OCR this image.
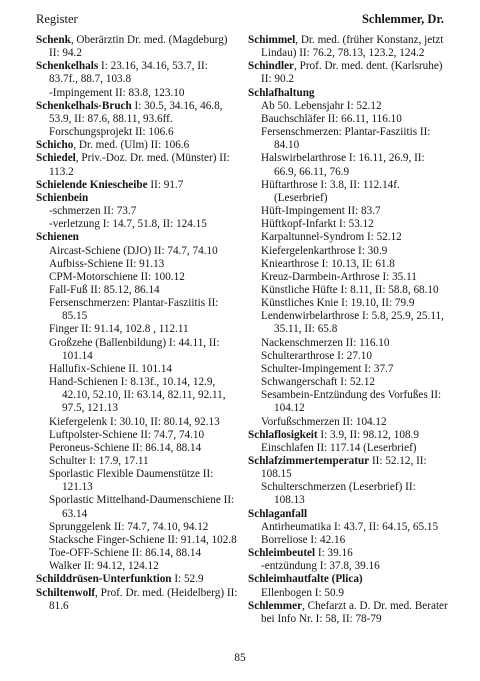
Register	Schlemmer, Dr.
Schenk, Oberärztin Dr. med. (Magdeburg) II: 94.2
Schenkelhals I: 23.16, 34.16, 53.7, II: 83.7f., 88.7, 103.8
-Impingement II: 83.8, 123.10
Schenkelhals-Bruch I: 30.5, 34.16, 46.8, 53.9, II: 87.6, 88.11, 93.6ff.
Forschungsprojekt II: 106.6
Schicho, Dr. med. (Ulm) II: 106.6
Schiedel, Priv.-Doz. Dr. med. (Münster) II: 113.2
Schielende Kniescheibe II: 91.7
Schienbein
-schmerzen II: 73.7
-verletzung I: 14.7, 51.8, II: 124.15
Schienen
Aircast-Schiene (DJO) II: 74.7, 74.10
Aufbiss-Schiene II: 91.13
CPM-Motorschiene II: 100.12
Fall-Fuß II: 85.12, 86.14
Fersenschmerzen: Plantar-Fasziitis II: 85.15
Finger II: 91.14, 102.8 , 112.11
Großzehe (Ballenbildung) I: 44.11, II: 101.14
Hallufix-Schiene II. 101.14
Hand-Schienen I: 8.13f., 10.14, 12.9, 42.10, 52.10, II: 63.14, 82.11, 92.11, 97.5, 121.13
Kiefergelenk I: 30.10, II: 80.14, 92.13
Luftpolster-Schiene II: 74.7, 74.10
Peroneus-Schiene II: 86.14, 88.14
Schulter I: 17.9, 17.11
Sporlastic Flexible Daumenstütze II: 121.13
Sporlastic Mittelhand-Daumenschiene II: 63.14
Sprunggelenk II: 74.7, 74.10, 94.12
Stacksche Finger-Schiene II: 91.14, 102.8
Toe-OFF-Schiene II: 86.14, 88.14
Walker II: 94.12, 124.12
Schilddrüsen-Unterfunktion I: 52.9
Schiltenwolf, Prof. Dr. med. (Heidelberg) II: 81.6
Schimmel, Dr. med. (früher Konstanz, jetzt Lindau) II: 76.2, 78.13, 123.2, 124.2
Schindler, Prof. Dr. med. dent. (Karlsruhe) II: 90.2
Schlafhaltung
Ab 50. Lebensjahr I: 52.12
Bauchschläfer II: 66.11, 116.10
Fersenschmerzen: Plantar-Fasziitis II: 84.10
Halswirbelarthrose I: 16.11, 26.9, II: 66.9, 66.11, 76.9
Hüftarthrose I: 3.8, II: 112.14f. (Leserbrief)
Hüft-Impingement II: 83.7
Hüftkopf-Infarkt I: 53.12
Karpaltunnel-Syndrom I: 52.12
Kiefergelenkarthrose I: 30.9
Kniearthrose I: 10.13, II: 61.8
Kreuz-Darmbein-Arthrose I: 35.11
Künstliche Hüfte I: 8.11, II: 58.8, 68.10
Künstliches Knie I: 19.10, II: 79.9
Lendenwirbelarthrose I: 5.8, 25.9, 25.11, 35.11, II: 65.8
Nackenschmerzen II: 116.10
Schulterarthrose I: 27.10
Schulter-Impingement I: 37.7
Schwangerschaft I: 52.12
Sesambein-Entzündung des Vorfußes II: 104.12
Vorfußschmerzen II: 104.12
Schlaflosigkeit I: 3.9, II: 98.12, 108.9
Einschlafen II: 117.14 (Leserbrief)
Schlafzimmertemperatur II: 52.12, II: 108.15
Schulterschmerzen (Leserbrief) II: 108.13
Schlaganfall
Antirheumatika I: 43.7, II: 64.15, 65.15
Borreliose I: 42.16
Schleimbeutel I: 39.16
-entzündung I: 37.8, 39.16
Schleimhautfalte (Plica)
Ellenbogen I: 50.9
Schlemmer, Chefarzt a. D. Dr. med. Berater bei Info Nr. I: 58, II: 78-79
85
